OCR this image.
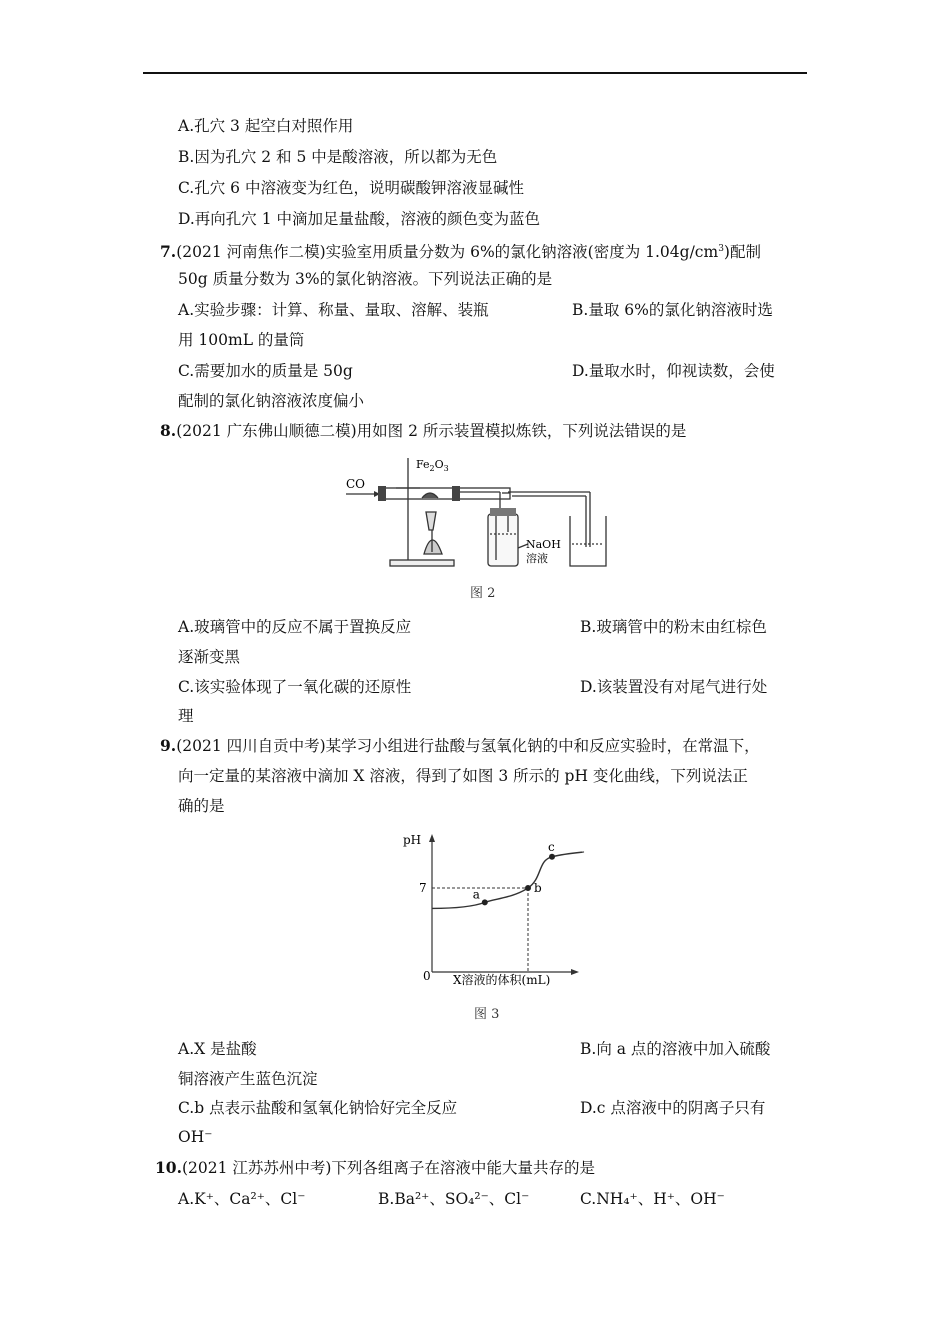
A.孔穴 3 起空白对照作用
B.因为孔穴 2 和 5 中是酸溶液，所以都为无色
C.孔穴 6 中溶液变为红色，说明碳酸钾溶液显碱性
D.再向孔穴 1 中滴加足量盐酸，溶液的颜色变为蓝色
7.(2021 河南焦作二模)实验室用质量分数为 6%的氯化钠溶液(密度为 $1.04g/cm^3$)配制
50g 质量分数为 3%的氯化钠溶液。下列说法正确的是
A.实验步骤：计算、称量、量取、溶解、装瓶	B.量取 6%的氯化钠溶液时选
用 100mL 的量筒
C.需要加水的质量是 50g	D.量取水时，仰视读数，会使
配制的氯化钠溶液浓度偏小
8.(2021 广东佛山顺德二模)用如图 2 所示装置模拟炼铁，下列说法错误的是
CO
$Fe_2O_3$
NaOH
溶液
图 2
A.玻璃管中的反应不属于置换反应	B.玻璃管中的粉末由红棕色
逐渐变黑
C.该实验体现了一氧化碳的还原性	D.该装置没有对尾气进行处
理
9.(2021 四川自贡中考)某学习小组进行盐酸与氢氧化钠的中和反应实验时，在常温下，
向一定量的某溶液中滴加 X 溶液，得到了如图 3 所示的 pH 变化曲线，下列说法正
确的是
a	b
c
pH
7
0 X溶液的体积(mL)
图 3
A.X 是盐酸	B.向 a 点的溶液中加入硫酸
铜溶液产生蓝色沉淀
C.b 点表示盐酸和氢氧化钠恰好完全反应	D.c 点溶液中的阴离子只有
OH⁻
10.(2021 江苏苏州中考)下列各组离子在溶液中能大量共存的是
A.K⁺、Ca²⁺、Cl⁻	B.Ba²⁺、SO₄²⁻、Cl⁻	C.NH₄⁺、H⁺、OH⁻
